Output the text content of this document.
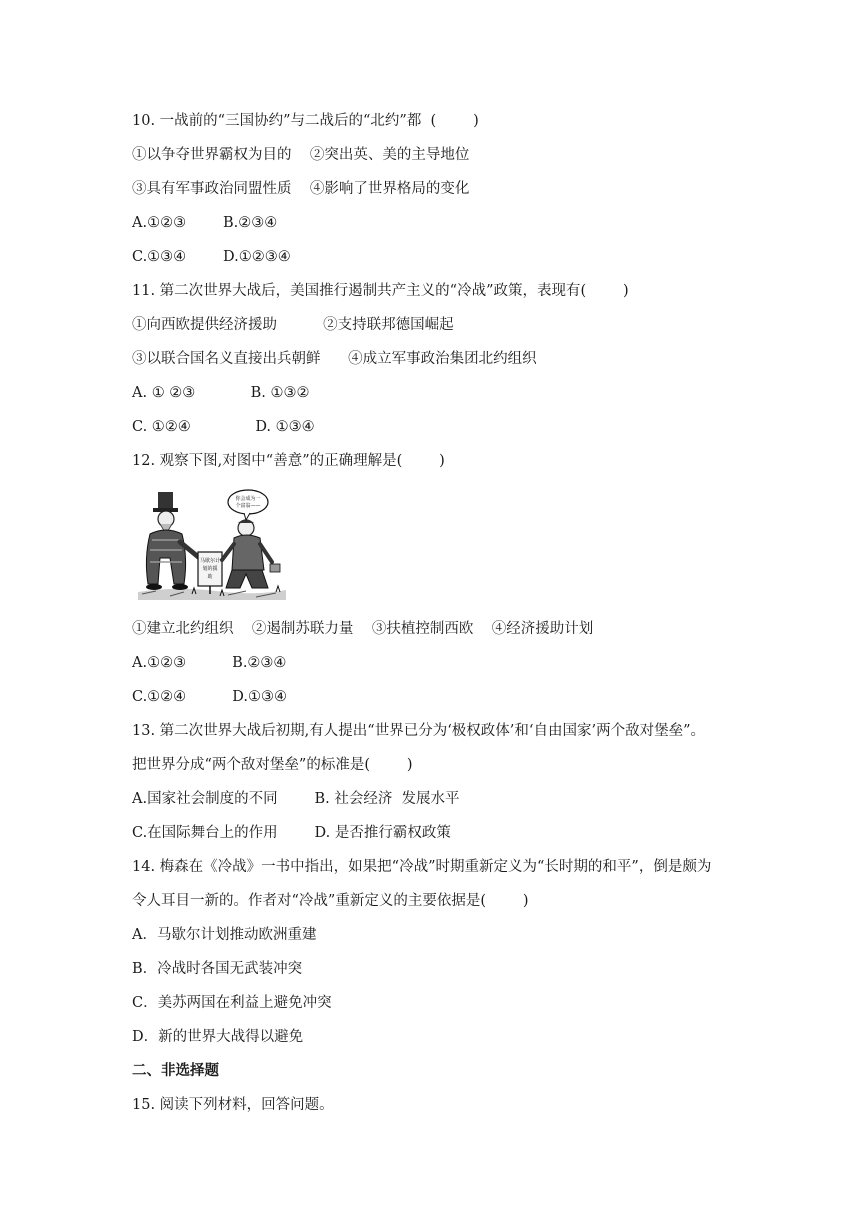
10. 一战前的“三国协约”与二战后的“北约”都  (        )
①以争夺世界霸权为目的    ②突出英、美的主导地位
③具有军事政治同盟性质    ④影响了世界格局的变化
A.①②③        B.②③④
C.①③④        D.①②③④
11. 第二次世界大战后，美国推行遏制共产主义的“冷战”政策，表现有(        )
①向西欧提供经济援助          ②支持联邦德国崛起
③以联合国名义直接出兵朝鲜      ④成立军事政治集团北约组织
A. ① ②③            B. ①③②
C. ①②④              D. ①③④
12. 观察下图,对图中“善意”的正确理解是(        )
马歇尔计
划的援
助
你会成为一
个富翁——
①建立北约组织    ②遏制苏联力量    ③扶植控制西欧    ④经济援助计划
A.①②③          B.②③④
C.①②④          D.①③④
13. 第二次世界大战后初期,有人提出“世界已分为‘极权政体’和‘自由国家’两个敌对堡垒”。
把世界分成“两个敌对堡垒”的标准是(        )
A.国家社会制度的不同        B. 社会经济  发展水平
C.在国际舞台上的作用        D. 是否推行霸权政策
14. 梅森在《冷战》一书中指出，如果把“冷战”时期重新定义为“长时期的和平”，倒是颇为
令人耳目一新的。作者对“冷战”重新定义的主要依据是(        )
A．马歇尔计划推动欧洲重建
B．冷战时各国无武装冲突
C．美苏两国在利益上避免冲突
D．新的世界大战得以避免
二、非选择题
15. 阅读下列材料，回答问题。
